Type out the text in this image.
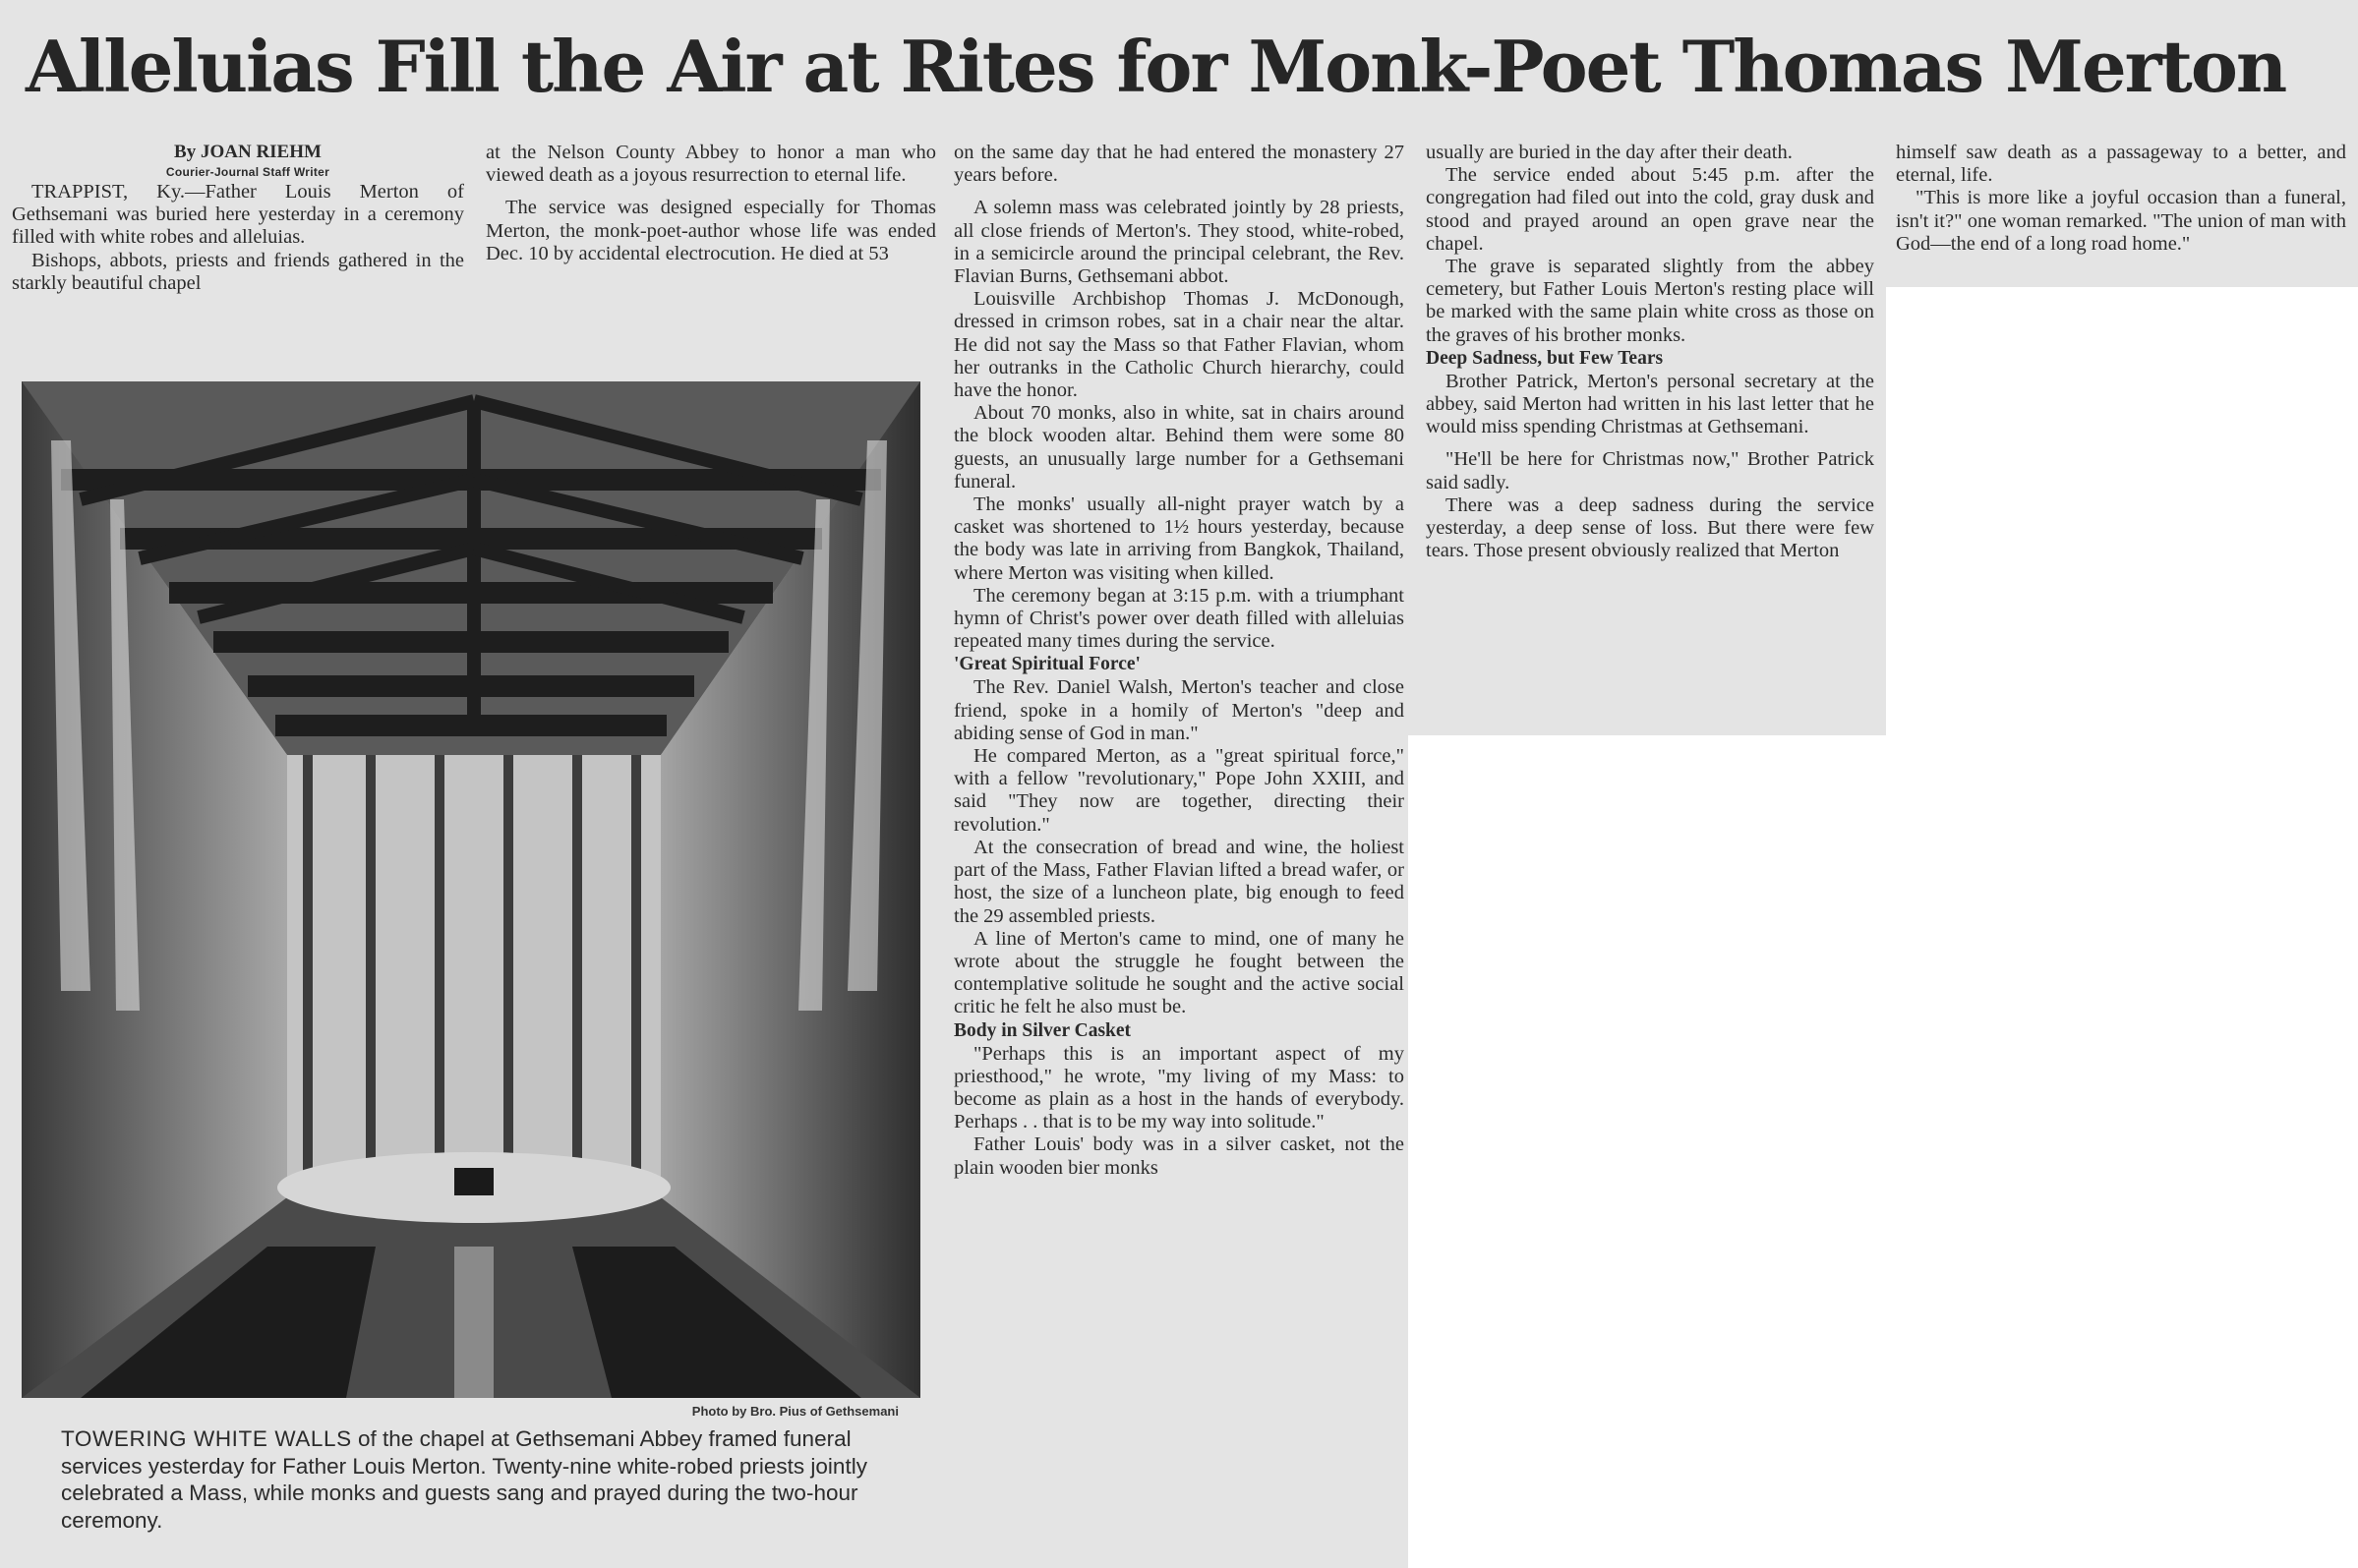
Alleluias Fill the Air at Rites for Monk-Poet Thomas Merton

By JOAN RIEHM

Courier-Journal Staff Writer

TRAPPIST, Ky.—Father Louis Merton of Gethsemani was buried here yesterday in a ceremony filled with white robes and alleluias.

Bishops, abbots, priests and friends gathered in the starkly beautiful chapel

at the Nelson County Abbey to honor a man who viewed death as a joyous resurrection to eternal life.

The service was designed especially for Thomas Merton, the monk-poet-author whose life was ended Dec. 10 by accidental electrocution. He died at 53

Photo by Bro. Pius of Gethsemani
TOWERING WHITE WALLS of the chapel at Gethsemani Abbey framed funeral services yesterday for Father Louis Merton. Twenty-nine white-robed priests jointly celebrated a Mass, while monks and guests sang and prayed during the two-hour ceremony.

on the same day that he had entered the monastery 27 years before.

A solemn mass was celebrated jointly by 28 priests, all close friends of Merton's. They stood, white-robed, in a semicircle around the principal celebrant, the Rev. Flavian Burns, Gethsemani abbot.

Louisville Archbishop Thomas J. McDonough, dressed in crimson robes, sat in a chair near the altar. He did not say the Mass so that Father Flavian, whom her outranks in the Catholic Church hierarchy, could have the honor.

About 70 monks, also in white, sat in chairs around the block wooden altar. Behind them were some 80 guests, an unusually large number for a Gethsemani funeral.

The monks' usually all-night prayer watch by a casket was shortened to 1½ hours yesterday, because the body was late in arriving from Bangkok, Thailand, where Merton was visiting when killed.

The ceremony began at 3:15 p.m. with a triumphant hymn of Christ's power over death filled with alleluias repeated many times during the service.

'Great Spiritual Force'

The Rev. Daniel Walsh, Merton's teacher and close friend, spoke in a homily of Merton's "deep and abiding sense of God in man."

He compared Merton, as a "great spiritual force," with a fellow "revolutionary," Pope John XXIII, and said "They now are together, directing their revolution."

At the consecration of bread and wine, the holiest part of the Mass, Father Flavian lifted a bread wafer, or host, the size of a luncheon plate, big enough to feed the 29 assembled priests.

A line of Merton's came to mind, one of many he wrote about the struggle he fought between the contemplative solitude he sought and the active social critic he felt he also must be.

Body in Silver Casket

"Perhaps this is an important aspect of my priesthood," he wrote, "my living of my Mass: to become as plain as a host in the hands of everybody. Perhaps . . that is to be my way into solitude."

Father Louis' body was in a silver casket, not the plain wooden bier monks

usually are buried in the day after their death.

The service ended about 5:45 p.m. after the congregation had filed out into the cold, gray dusk and stood and prayed around an open grave near the chapel.

The grave is separated slightly from the abbey cemetery, but Father Louis Merton's resting place will be marked with the same plain white cross as those on the graves of his brother monks.

Deep Sadness, but Few Tears

Brother Patrick, Merton's personal secretary at the abbey, said Merton had written in his last letter that he would miss spending Christmas at Gethsemani.

"He'll be here for Christmas now," Brother Patrick said sadly.

There was a deep sadness during the service yesterday, a deep sense of loss. But there were few tears. Those present obviously realized that Merton

himself saw death as a passageway to a better, and eternal, life.

"This is more like a joyful occasion than a funeral, isn't it?" one woman remarked. "The union of man with God—the end of a long road home."
